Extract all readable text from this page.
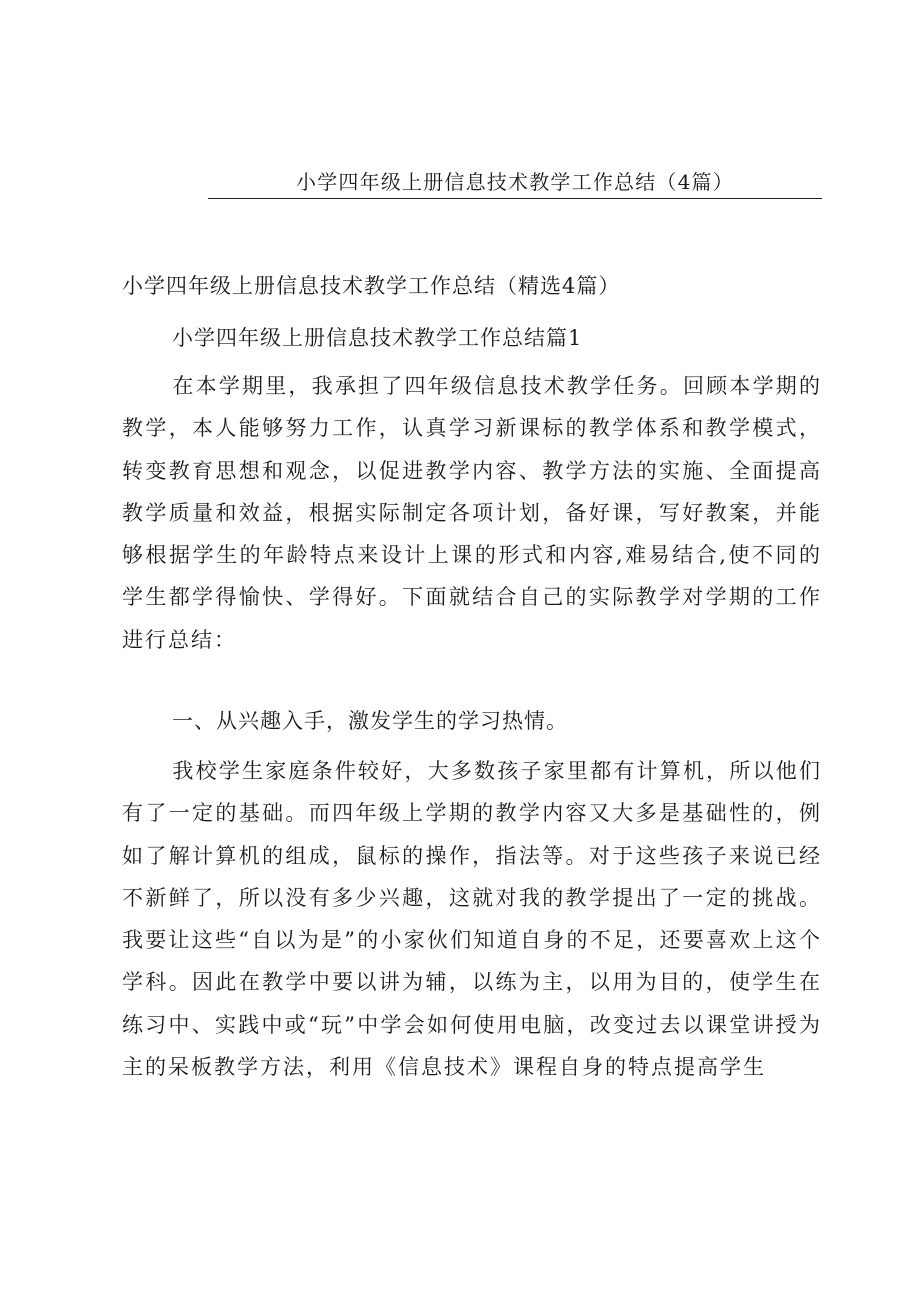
小学四年级上册信息技术教学工作总结（4篇）
小学四年级上册信息技术教学工作总结（精选4篇）
小学四年级上册信息技术教学工作总结篇1

在本学期里，我承担了四年级信息技术教学任务。回顾本学期的教学，本人能够努力工作，认真学习新课标的教学体系和教学模式，转变教育思想和观念，以促进教学内容、教学方法的实施、全面提高教学质量和效益，根据实际制定各项计划，备好课，写好教案，并能够根据学生的年龄特点来设计上课的形式和内容,难易结合,使不同的学生都学得愉快、学得好。下面就结合自己的实际教学对学期的工作进行总结：

一、从兴趣入手，激发学生的学习热情。

我校学生家庭条件较好，大多数孩子家里都有计算机，所以他们有了一定的基础。而四年级上学期的教学内容又大多是基础性的，例如了解计算机的组成，鼠标的操作，指法等。对于这些孩子来说已经不新鲜了，所以没有多少兴趣，这就对我的教学提出了一定的挑战。我要让这些“自以为是”的小家伙们知道自身的不足，还要喜欢上这个学科。因此在教学中要以讲为辅，以练为主，以用为目的，使学生在练习中、实践中或“玩”中学会如何使用电脑，改变过去以课堂讲授为主的呆板教学方法，利用《信息技术》课程自身的特点提高学生
